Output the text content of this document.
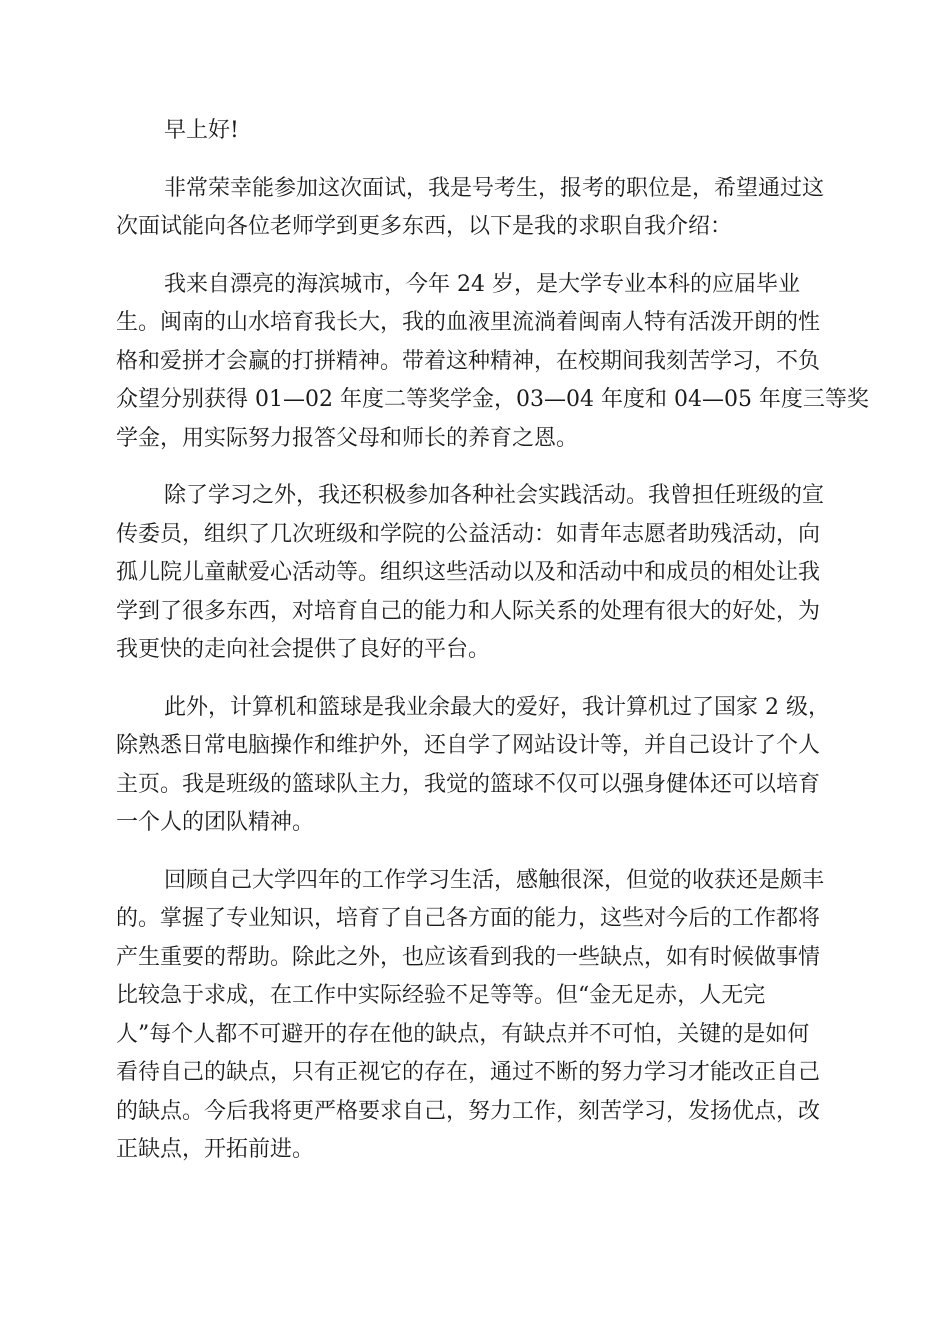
早上好!

非常荣幸能参加这次面试，我是号考生，报考的职位是，希望通过这
次面试能向各位老师学到更多东西，以下是我的求职自我介绍：

我来自漂亮的海滨城市，今年 24 岁，是大学专业本科的应届毕业
生。闽南的山水培育我长大，我的血液里流淌着闽南人特有活泼开朗的性
格和爱拼才会赢的打拼精神。带着这种精神，在校期间我刻苦学习，不负
众望分别获得 01—02 年度二等奖学金，03—04 年度和 04—05 年度三等奖
学金，用实际努力报答父母和师长的养育之恩。

除了学习之外，我还积极参加各种社会实践活动。我曾担任班级的宣
传委员，组织了几次班级和学院的公益活动：如青年志愿者助残活动，向
孤儿院儿童献爱心活动等。组织这些活动以及和活动中和成员的相处让我
学到了很多东西，对培育自己的能力和人际关系的处理有很大的好处，为
我更快的走向社会提供了良好的平台。

此外，计算机和篮球是我业余最大的爱好，我计算机过了国家 2 级，
除熟悉日常电脑操作和维护外，还自学了网站设计等，并自己设计了个人
主页。我是班级的篮球队主力，我觉的篮球不仅可以强身健体还可以培育
一个人的团队精神。

回顾自己大学四年的工作学习生活，感触很深，但觉的收获还是颇丰
的。掌握了专业知识，培育了自己各方面的能力，这些对今后的工作都将
产生重要的帮助。除此之外，也应该看到我的一些缺点，如有时候做事情
比较急于求成，在工作中实际经验不足等等。但“金无足赤，人无完
人”每个人都不可避开的存在他的缺点，有缺点并不可怕，关键的是如何
看待自己的缺点，只有正视它的存在，通过不断的努力学习才能改正自己
的缺点。今后我将更严格要求自己，努力工作，刻苦学习，发扬优点，改
正缺点，开拓前进。
